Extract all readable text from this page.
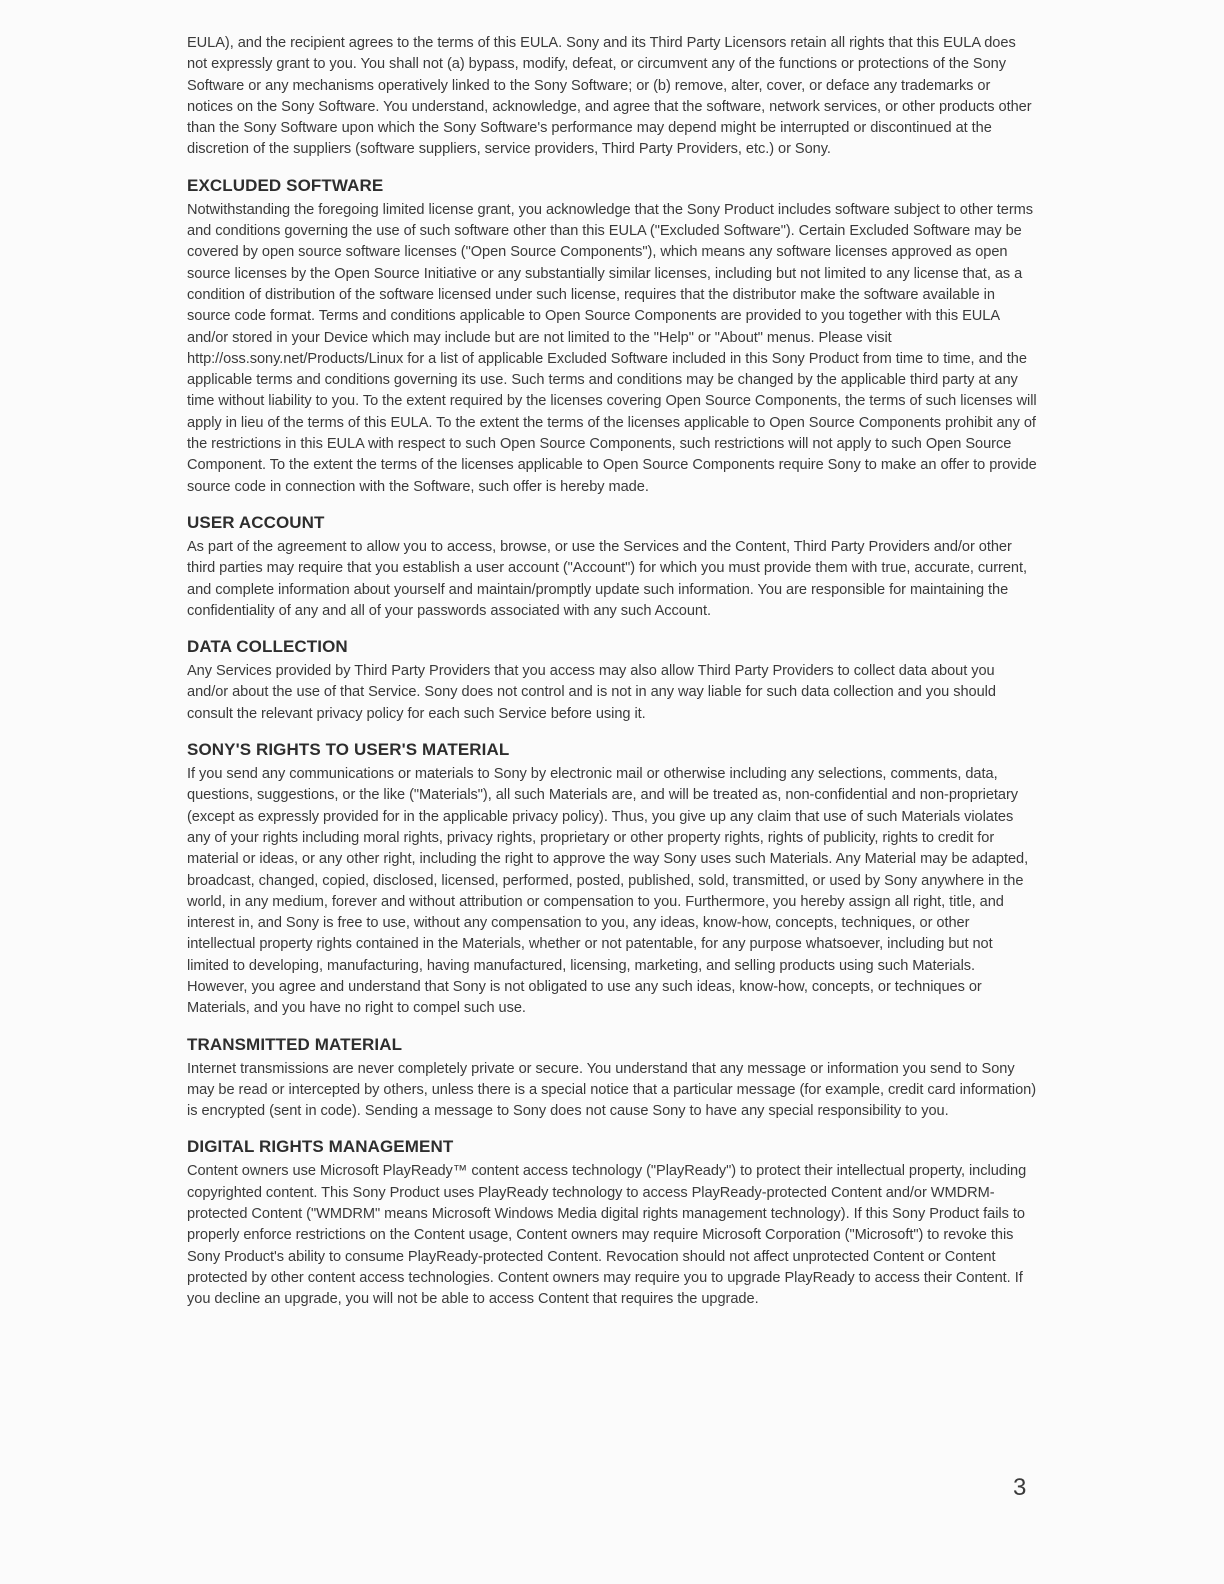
EULA), and the recipient agrees to the terms of this EULA. Sony and its Third Party Licensors retain all rights that this EULA does not expressly grant to you. You shall not (a) bypass, modify, defeat, or circumvent any of the functions or protections of the Sony Software or any mechanisms operatively linked to the Sony Software; or (b) remove, alter, cover, or deface any trademarks or notices on the Sony Software. You understand, acknowledge, and agree that the software, network services, or other products other than the Sony Software upon which the Sony Software's performance may depend might be interrupted or discontinued at the discretion of the suppliers (software suppliers, service providers, Third Party Providers, etc.) or Sony.

EXCLUDED SOFTWARE

Notwithstanding the foregoing limited license grant, you acknowledge that the Sony Product includes software subject to other terms and conditions governing the use of such software other than this EULA ("Excluded Software"). Certain Excluded Software may be covered by open source software licenses ("Open Source Components"), which means any software licenses approved as open source licenses by the Open Source Initiative or any substantially similar licenses, including but not limited to any license that, as a condition of distribution of the software licensed under such license, requires that the distributor make the software available in source code format. Terms and conditions applicable to Open Source Components are provided to you together with this EULA and/or stored in your Device which may include but are not limited to the "Help" or "About" menus. Please visit http://oss.sony.net/Products/Linux for a list of applicable Excluded Software included in this Sony Product from time to time, and the applicable terms and conditions governing its use. Such terms and conditions may be changed by the applicable third party at any time without liability to you. To the extent required by the licenses covering Open Source Components, the terms of such licenses will apply in lieu of the terms of this EULA. To the extent the terms of the licenses applicable to Open Source Components prohibit any of the restrictions in this EULA with respect to such Open Source Components, such restrictions will not apply to such Open Source Component. To the extent the terms of the licenses applicable to Open Source Components require Sony to make an offer to provide source code in connection with the Software, such offer is hereby made.

USER ACCOUNT

As part of the agreement to allow you to access, browse, or use the Services and the Content, Third Party Providers and/or other third parties may require that you establish a user account ("Account") for which you must provide them with true, accurate, current, and complete information about yourself and maintain/promptly update such information. You are responsible for maintaining the confidentiality of any and all of your passwords associated with any such Account.

DATA COLLECTION

Any Services provided by Third Party Providers that you access may also allow Third Party Providers to collect data about you and/or about the use of that Service. Sony does not control and is not in any way liable for such data collection and you should consult the relevant privacy policy for each such Service before using it.

SONY'S RIGHTS TO USER'S MATERIAL

If you send any communications or materials to Sony by electronic mail or otherwise including any selections, comments, data, questions, suggestions, or the like ("Materials"), all such Materials are, and will be treated as, non-confidential and non-proprietary (except as expressly provided for in the applicable privacy policy). Thus, you give up any claim that use of such Materials violates any of your rights including moral rights, privacy rights, proprietary or other property rights, rights of publicity, rights to credit for material or ideas, or any other right, including the right to approve the way Sony uses such Materials. Any Material may be adapted, broadcast, changed, copied, disclosed, licensed, performed, posted, published, sold, transmitted, or used by Sony anywhere in the world, in any medium, forever and without attribution or compensation to you. Furthermore, you hereby assign all right, title, and interest in, and Sony is free to use, without any compensation to you, any ideas, know-how, concepts, techniques, or other intellectual property rights contained in the Materials, whether or not patentable, for any purpose whatsoever, including but not limited to developing, manufacturing, having manufactured, licensing, marketing, and selling products using such Materials. However, you agree and understand that Sony is not obligated to use any such ideas, know-how, concepts, or techniques or Materials, and you have no right to compel such use.

TRANSMITTED MATERIAL

Internet transmissions are never completely private or secure. You understand that any message or information you send to Sony may be read or intercepted by others, unless there is a special notice that a particular message (for example, credit card information) is encrypted (sent in code). Sending a message to Sony does not cause Sony to have any special responsibility to you.

DIGITAL RIGHTS MANAGEMENT

Content owners use Microsoft PlayReady™ content access technology ("PlayReady") to protect their intellectual property, including copyrighted content. This Sony Product uses PlayReady technology to access PlayReady-protected Content and/or WMDRM-protected Content ("WMDRM" means Microsoft Windows Media digital rights management technology). If this Sony Product fails to properly enforce restrictions on the Content usage, Content owners may require Microsoft Corporation ("Microsoft") to revoke this Sony Product's ability to consume PlayReady-protected Content. Revocation should not affect unprotected Content or Content protected by other content access technologies. Content owners may require you to upgrade PlayReady to access their Content. If you decline an upgrade, you will not be able to access Content that requires the upgrade.

3
